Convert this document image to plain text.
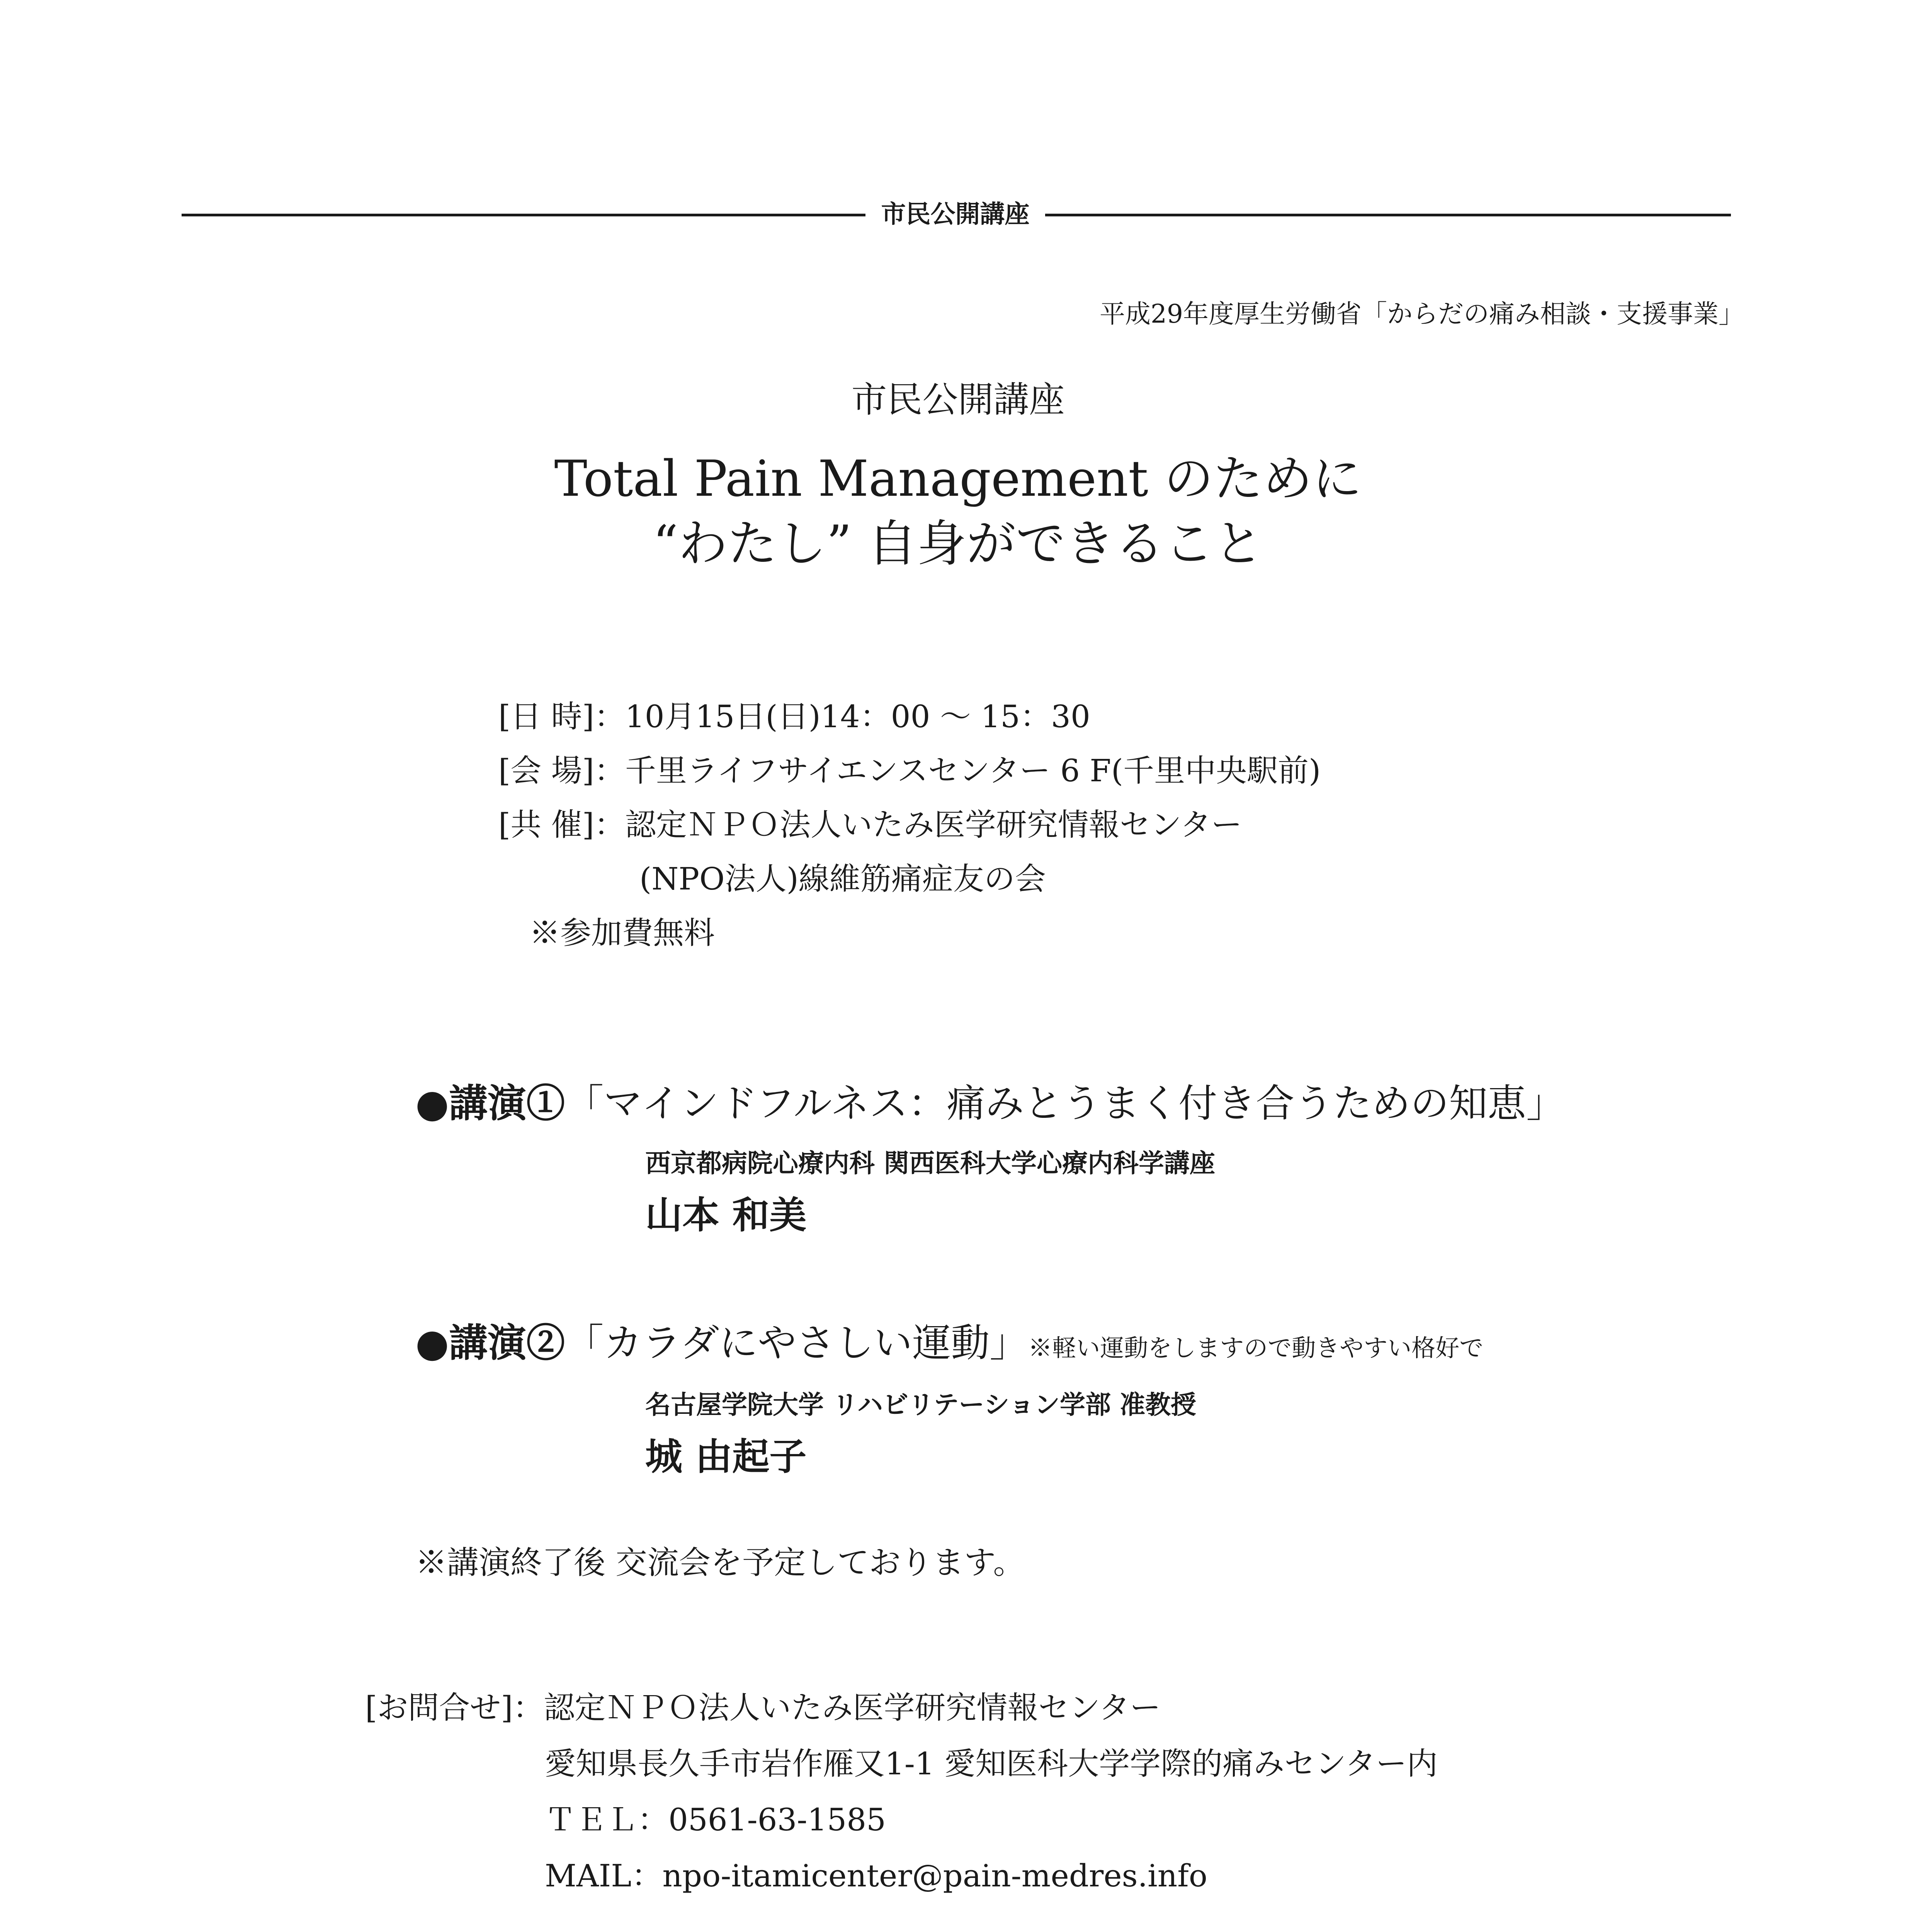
市民公開講座
平成29年度厚生労働省「からだの痛み相談・支援事業」
市民公開講座
Total Pain Management のために
“わたし” 自身ができること
[日 時]：10月15日(日)14：00 ～ 15：30
[会 場]：千里ライフサイエンスセンター 6 F(千里中央駅前)
[共 催]：認定ＮＰＯ法人いたみ医学研究情報センター
(NPO法人)線維筋痛症友の会
※参加費無料
●講演①「マインドフルネス：痛みとうまく付き合うための知恵」
西京都病院心療内科 関西医科大学心療内科学講座
山本 和美
●講演②「カラダにやさしい運動」※軽い運動をしますので動きやすい格好で
名古屋学院大学 リハビリテーション学部 准教授
城 由起子
※講演終了後 交流会を予定しております。
[お問合せ]：認定ＮＰＯ法人いたみ医学研究情報センター
愛知県長久手市岩作雁又1-1 愛知医科大学学際的痛みセンター内
ＴＥＬ：0561-63-1585
MAIL：npo-itamicenter@pain-medres.info
